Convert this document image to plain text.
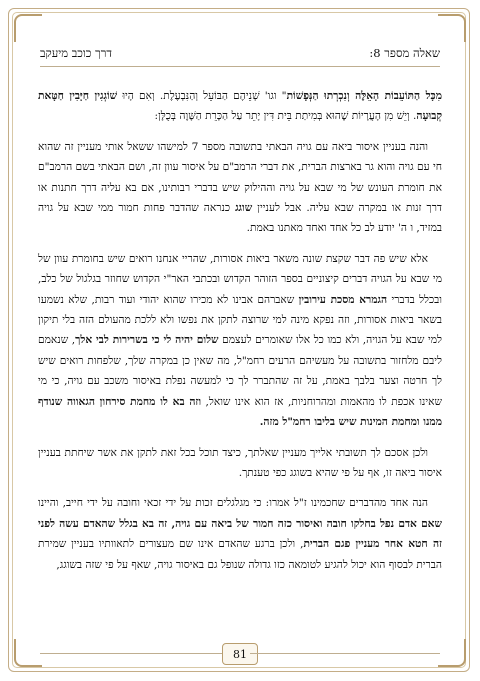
שאלה מספר 8:
דרך כוכב מיעקב

מִכָּל הַתּוֹעֵבוֹת הָאֵלֶּה וְנִכְרְתוּ הַנְּפָשׁוֹת" וגו' שְׁנֵיהֶם הַבּוֹעֵל וְהַנִּבְעֶלֶת. וְאִם הָיוּ שׁוֹגְגִין חַיָּבִין חַטָּאת קְבוּעָה. וְיֵשׁ מִן הָעֲרָיוֹת שֶׁהוּא בְּמִיתַת בֵּית דִּין יָתֵר עַל הַכָּרֵת הַשָּׁוֶה בְּכֻלָּן:

והנה בעניין איסור ביאה עם גויה הבאתי בתשובה מספר 7 למישהו ששאל אותי מעניין זה שהוא חי עם גויה והוא גר בארצות הברית, את דברי הרמב"ם על איסור עוון זה, ושם הבאתי בשם הרמב"ם את חומרת העונש של מי שבא על גויה וההילוק שיש בדברי רבותינו, אם בא עליה דרך חתנות או דרך זנות או במקרה שבא עליה. אבל לעניין שוגג כנראה שהדבר פחות חמור ממי שבא על גויה במזיד, ו ה' יודע לב כל אחד ואחד מאתנו באמת.

אלא שיש פה דבר שקצת שונה משאר ביאות אסורות, שהריי אנחנו רואים שיש בחומרת עוון של מי שבא על הגויה דברים קיצוניים בספר הזוהר הקדוש ובכתבי האר"י הקדוש שחוזר בגלגול של כלב, ובכלל בדברי הגמרא מסכת עירובין שאברהם אבינו לא מכירו שהוא יהודי ועוד רבות, שלא נשמעו בשאר ביאות אסורות, וזה נפקא מינה למי שרוצה לתקן את נפשו ולא ללכת מהעולם הזה בלי תיקון למי שבא על הגויה, ולא כמו כל אלו שאומרים לעצמם שלום יהיה לי כי בשרירות לבי אלך, שנאמם ליבם מלחזור בתשובה על מעשיהם הרעים רחמ"ל, מה שאין כן במקרה שלך, שלפחות רואים שיש לך חרטה וצער בלבך באמת, על זה שהתברר לך כי למעשה נפלת באיסור משכב עם גויה, כי מי שאינו אכפת לו מהאמות ומהרוחניות, אז הוא אינו שואל, וזה בא לו מחמת סירחון הגאווה שנודף ממנו ומחמת המינות שיש בליבו רחמ"ל מזה.

ולכן אסכם לך תשובתי אלייך מעניין שאלתך, כיצד תוכל בכל זאת לתקן את אשר שיחתת בעניין איסור ביאה זו, אף על פי שהיא בשוגג כפי טענתך.

הנה אחד מהדברים שחכמינו ז"ל אמרו: כי מגלגלים זכות על ידי זכאי וחובה על ידי חייב, והיינו שאם אדם נפל בחלקו חובה ואיסור כזה חמור של ביאה עם גויה, זה בא בגלל שהאדם עשה לפני זה חטא אחר מעניין פגם הברית, ולכן ברגע שהאדם אינו שם מעצורים לתאוותיו בעניין שמירת הברית לבסוף הוא יכול להגיע לטומאה כזו גדולה שנופל גם באיסור גויה, שאף על פי שזה בשוגג,

81
